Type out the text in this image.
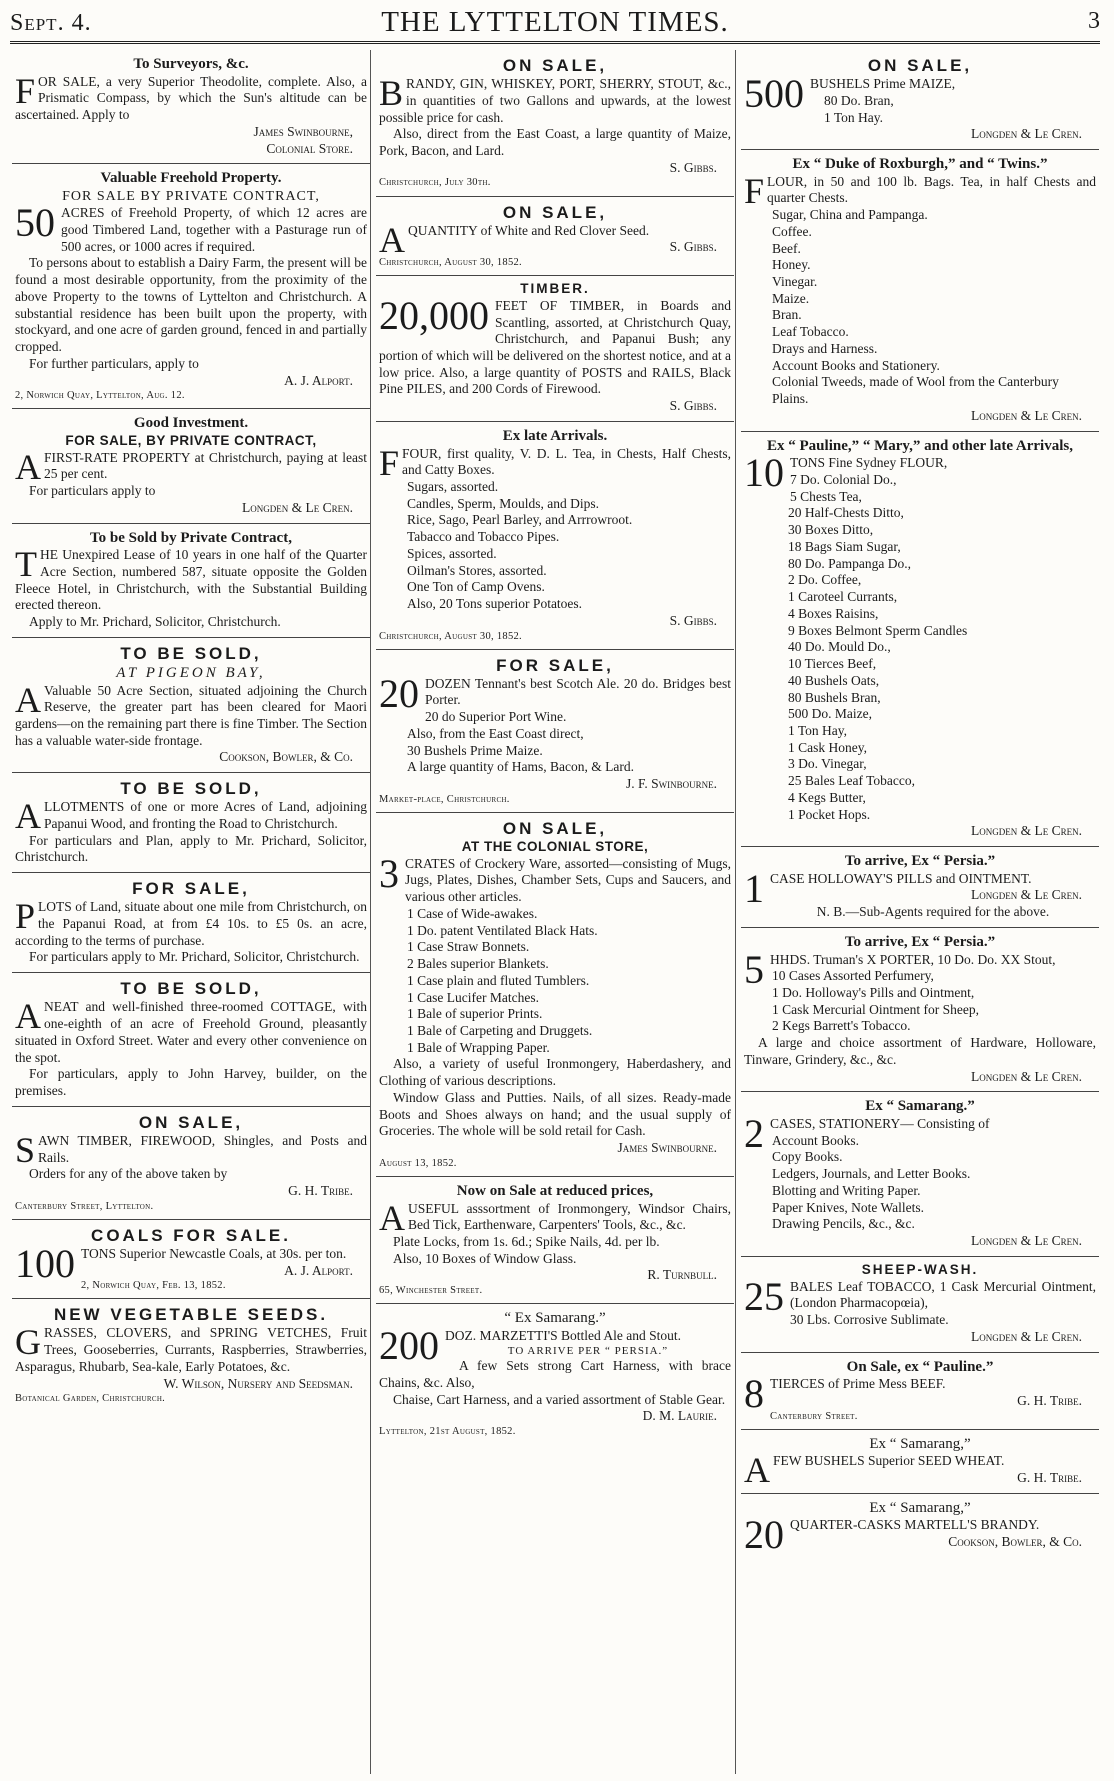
Sept. 4.	THE LYTTELTON TIMES.	3
To Surveyors, &c.
F OR SALE, a very Superior Theodolite, complete. Also, a Prismatic Compass, by which the Sun's altitude can be ascertained. Apply to

James Swinbourne,
Colonial Store.
Valuable Freehold Property.
FOR SALE BY PRIVATE CONTRACT,
50 ACRES of Freehold Property, of which 12 acres are good Timbered Land, together with a Pasturage run of 500 acres, or 1000 acres if required.

To persons about to establish a Dairy Farm, the present will be found a most desirable opportunity, from the proximity of the above Property to the towns of Lyttelton and Christchurch. A substantial residence has been built upon the property, with stockyard, and one acre of garden ground, fenced in and partially cropped.

For further particulars, apply to

A. J. Alport.
2, Norwich Quay, Lyttelton, Aug. 12.
Good Investment.
FOR SALE, BY PRIVATE CONTRACT,
A FIRST-RATE PROPERTY at Christchurch, paying at least 25 per cent.

For particulars apply to

Longden & Le Cren.
To be Sold by Private Contract,
T HE Unexpired Lease of 10 years in one half of the Quarter Acre Section, numbered 587, situate opposite the Golden Fleece Hotel, in Christchurch, with the Substantial Building erected thereon.

Apply to Mr. Prichard, Solicitor, Christchurch.

TO BE SOLD,
AT PIGEON BAY,
A Valuable 50 Acre Section, situated adjoining the Church Reserve, the greater part has been cleared for Maori gardens—on the remaining part there is fine Timber. The Section has a valuable water-side frontage.

Cookson, Bowler, & Co.
TO BE SOLD,
A LLOTMENTS of one or more Acres of Land, adjoining Papanui Wood, and fronting the Road to Christchurch.

For particulars and Plan, apply to Mr. Prichard, Solicitor, Christchurch.

FOR SALE,
P LOTS of Land, situate about one mile from Christchurch, on the Papanui Road, at from £4 10s. to £5 0s. an acre, according to the terms of purchase.

For particulars apply to Mr. Prichard, Solicitor, Christchurch.

TO BE SOLD,
A NEAT and well-finished three-roomed COTTAGE, with one-eighth of an acre of Freehold Ground, pleasantly situated in Oxford Street. Water and every other convenience on the spot.

For particulars, apply to John Harvey, builder, on the premises.

ON SALE,
S AWN TIMBER, FIREWOOD, Shingles, and Posts and Rails.

Orders for any of the above taken by

G. H. Tribe.
Canterbury Street, Lyttelton.
COALS FOR SALE.
100 TONS Superior Newcastle Coals, at 30s. per ton.

A. J. Alport.
2, Norwich Quay, Feb. 13, 1852.
NEW VEGETABLE SEEDS.
G RASSES, CLOVERS, and SPRING VETCHES, Fruit Trees, Gooseberries, Currants, Raspberries, Strawberries, Asparagus, Rhubarb, Sea-kale, Early Potatoes, &c.

W. Wilson, Nursery and Seedsman.
Botanical Garden, Christchurch.
ON SALE,
B RANDY, GIN, WHISKEY, PORT, SHERRY, STOUT, &c., in quantities of two Gallons and upwards, at the lowest possible price for cash.

Also, direct from the East Coast, a large quantity of Maize, Pork, Bacon, and Lard.

S. Gibbs.
Christchurch, July 30th.
ON SALE,
A QUANTITY of White and Red Clover Seed.

S. Gibbs.
Christchurch, August 30, 1852.
TIMBER.
20,000 FEET OF TIMBER, in Boards and Scantling, assorted, at Christchurch Quay, Christchurch, and Papanui Bush; any portion of which will be delivered on the shortest notice, and at a low price. Also, a large quantity of POSTS and RAILS, Black Pine PILES, and 200 Cords of Firewood.

S. Gibbs.
Ex late Arrivals.
F FOUR, first quality, V. D. L. Tea, in Chests, Half Chests, and Catty Boxes.

Sugars, assorted.
Candles, Sperm, Moulds, and Dips.
Rice, Sago, Pearl Barley, and Arrrowroot.
Tabacco and Tobacco Pipes.
Spices, assorted.
Oilman's Stores, assorted.
One Ton of Camp Ovens.
Also, 20 Tons superior Potatoes.
S. Gibbs.
Christchurch, August 30, 1852.
FOR SALE,
20 DOZEN Tennant's best Scotch Ale. 20 do. Bridges best Porter.

20 do Superior Port Wine.
Also, from the East Coast direct,
30 Bushels Prime Maize.
A large quantity of Hams, Bacon, & Lard.
J. F. Swinbourne.
Market-place, Christchurch.
ON SALE,
AT THE COLONIAL STORE,
3 CRATES of Crockery Ware, assorted—consisting of Mugs, Jugs, Plates, Dishes, Chamber Sets, Cups and Saucers, and various other articles.

1 Case of Wide-awakes.
1 Do. patent Ventilated Black Hats.
1 Case Straw Bonnets.
2 Bales superior Blankets.
1 Case plain and fluted Tumblers.
1 Case Lucifer Matches.
1 Bale of superior Prints.
1 Bale of Carpeting and Druggets.
1 Bale of Wrapping Paper.

Also, a variety of useful Ironmongery, Haberdashery, and Clothing of various descriptions.

Window Glass and Putties. Nails, of all sizes. Ready-made Boots and Shoes always on hand; and the usual supply of Groceries. The whole will be sold retail for Cash.

James Swinbourne.
August 13, 1852.
Now on Sale at reduced prices,
A USEFUL asssortment of Ironmongery, Windsor Chairs, Bed Tick, Earthenware, Carpenters' Tools, &c., &c.

Plate Locks, from 1s. 6d.; Spike Nails, 4d. per lb.

Also, 10 Boxes of Window Glass.

R. Turnbull.
65, Winchester Street.
“ Ex Samarang.”
200 DOZ. MARZETTI'S Bottled Ale and Stout.

TO ARRIVE PER “ PERSIA.”

A few Sets strong Cart Harness, with brace Chains, &c. Also,

Chaise, Cart Harness, and a varied assortment of Stable Gear.

D. M. Laurie.
Lyttelton, 21st August, 1852.
ON SALE,
500 BUSHELS Prime MAIZE,

80 Do. Bran,

1 Ton Hay.

Longden & Le Cren.
Ex “ Duke of Roxburgh,” and “ Twins.”
F LOUR, in 50 and 100 lb. Bags. Tea, in half Chests and quarter Chests.

Sugar, China and Pampanga.
Coffee.
Beef.
Honey.
Vinegar.
Maize.
Bran.
Leaf Tobacco.
Drays and Harness.
Account Books and Stationery.
Colonial Tweeds, made of Wool from the Canterbury Plains.
Longden & Le Cren.
Ex “ Pauline,” “ Mary,” and other late Arrivals,
10 TONS Fine Sydney FLOUR,

7 Do. Colonial Do.,
5 Chests Tea,
20 Half-Chests Ditto,
30 Boxes Ditto,
18 Bags Siam Sugar,
80 Do. Pampanga Do.,
2 Do. Coffee,
1 Caroteel Currants,
4 Boxes Raisins,
9 Boxes Belmont Sperm Candles
40 Do. Mould Do.,
10 Tierces Beef,
40 Bushels Oats,
80 Bushels Bran,
500 Do. Maize,
1 Ton Hay,
1 Cask Honey,
3 Do. Vinegar,
25 Bales Leaf Tobacco,
4 Kegs Butter,
1 Pocket Hops.
Longden & Le Cren.
To arrive, Ex “ Persia.”
1 CASE HOLLOWAY'S PILLS and OINTMENT.

Longden & Le Cren.
N. B.—Sub-Agents required for the above.
To arrive, Ex “ Persia.”
5 HHDS. Truman's X PORTER, 10 Do. Do. XX Stout,

10 Cases Assorted Perfumery,
1 Do. Holloway's Pills and Ointment,
1 Cask Mercurial Ointment for Sheep,
2 Kegs Barrett's Tobacco.

A large and choice assortment of Hardware, Holloware, Tinware, Grindery, &c., &c.

Longden & Le Cren.
Ex “ Samarang.”
2 CASES, STATIONERY— Consisting of

Account Books.
Copy Books.
Ledgers, Journals, and Letter Books.
Blotting and Writing Paper.
Paper Knives, Note Wallets.
Drawing Pencils, &c., &c.
Longden & Le Cren.
SHEEP-WASH.
25 BALES Leaf TOBACCO, 1 Cask Mercurial Ointment, (London Pharmacopœia),

30 Lbs. Corrosive Sublimate.
Longden & Le Cren.
On Sale, ex “ Pauline.”
8 TIERCES of Prime Mess BEEF.

G. H. Tribe.
Canterbury Street.
Ex “ Samarang,”
A FEW BUSHELS Superior SEED WHEAT.

G. H. Tribe.
Ex “ Samarang,”
20 QUARTER-CASKS MARTELL'S BRANDY.

Cookson, Bowler, & Co.
